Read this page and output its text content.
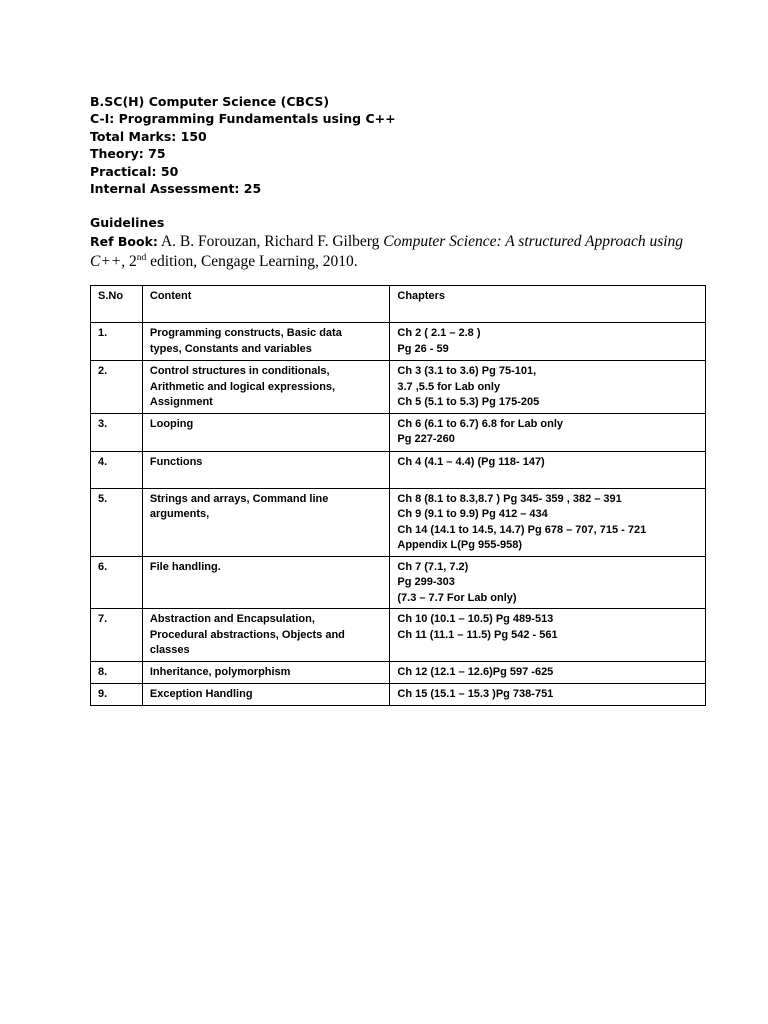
B.SC(H) Computer Science (CBCS)
C-I: Programming Fundamentals using C++
Total Marks: 150
Theory: 75
Practical: 50
Internal Assessment: 25
Guidelines
Ref Book: A. B. Forouzan, Richard F. Gilberg Computer Science: A structured Approach using C++, 2nd edition, Cengage Learning, 2010.
S.No	Content	Chapters
1.	Programming constructs, Basic data
types, Constants and variables	Ch 2 ( 2.1 – 2.8 )
Pg 26 - 59
2.	Control structures in conditionals,
Arithmetic and logical expressions,
Assignment	Ch 3 (3.1 to 3.6) Pg 75-101,
3.7 ,5.5 for Lab only
Ch 5 (5.1 to 5.3) Pg 175-205
3.	Looping	Ch 6 (6.1 to 6.7) 6.8 for Lab only
Pg 227-260
4.	Functions	Ch 4 (4.1 – 4.4) (Pg 118- 147)
5.	Strings and arrays, Command line
arguments,	Ch 8 (8.1 to 8.3,8.7 ) Pg 345- 359 , 382 – 391
Ch 9 (9.1 to 9.9) Pg 412 – 434
Ch 14 (14.1 to 14.5, 14.7) Pg 678 – 707, 715 - 721
Appendix L(Pg 955-958)
6.	File handling.	Ch 7 (7.1, 7.2)
Pg 299-303
(7.3 – 7.7 For Lab only)
7.	Abstraction and Encapsulation,
Procedural abstractions, Objects and
classes	Ch 10 (10.1 – 10.5) Pg 489-513
Ch 11 (11.1 – 11.5) Pg 542 - 561
8.	Inheritance, polymorphism	Ch 12 (12.1 – 12.6)Pg 597 -625
9.	Exception Handling	Ch 15 (15.1 – 15.3 )Pg 738-751
